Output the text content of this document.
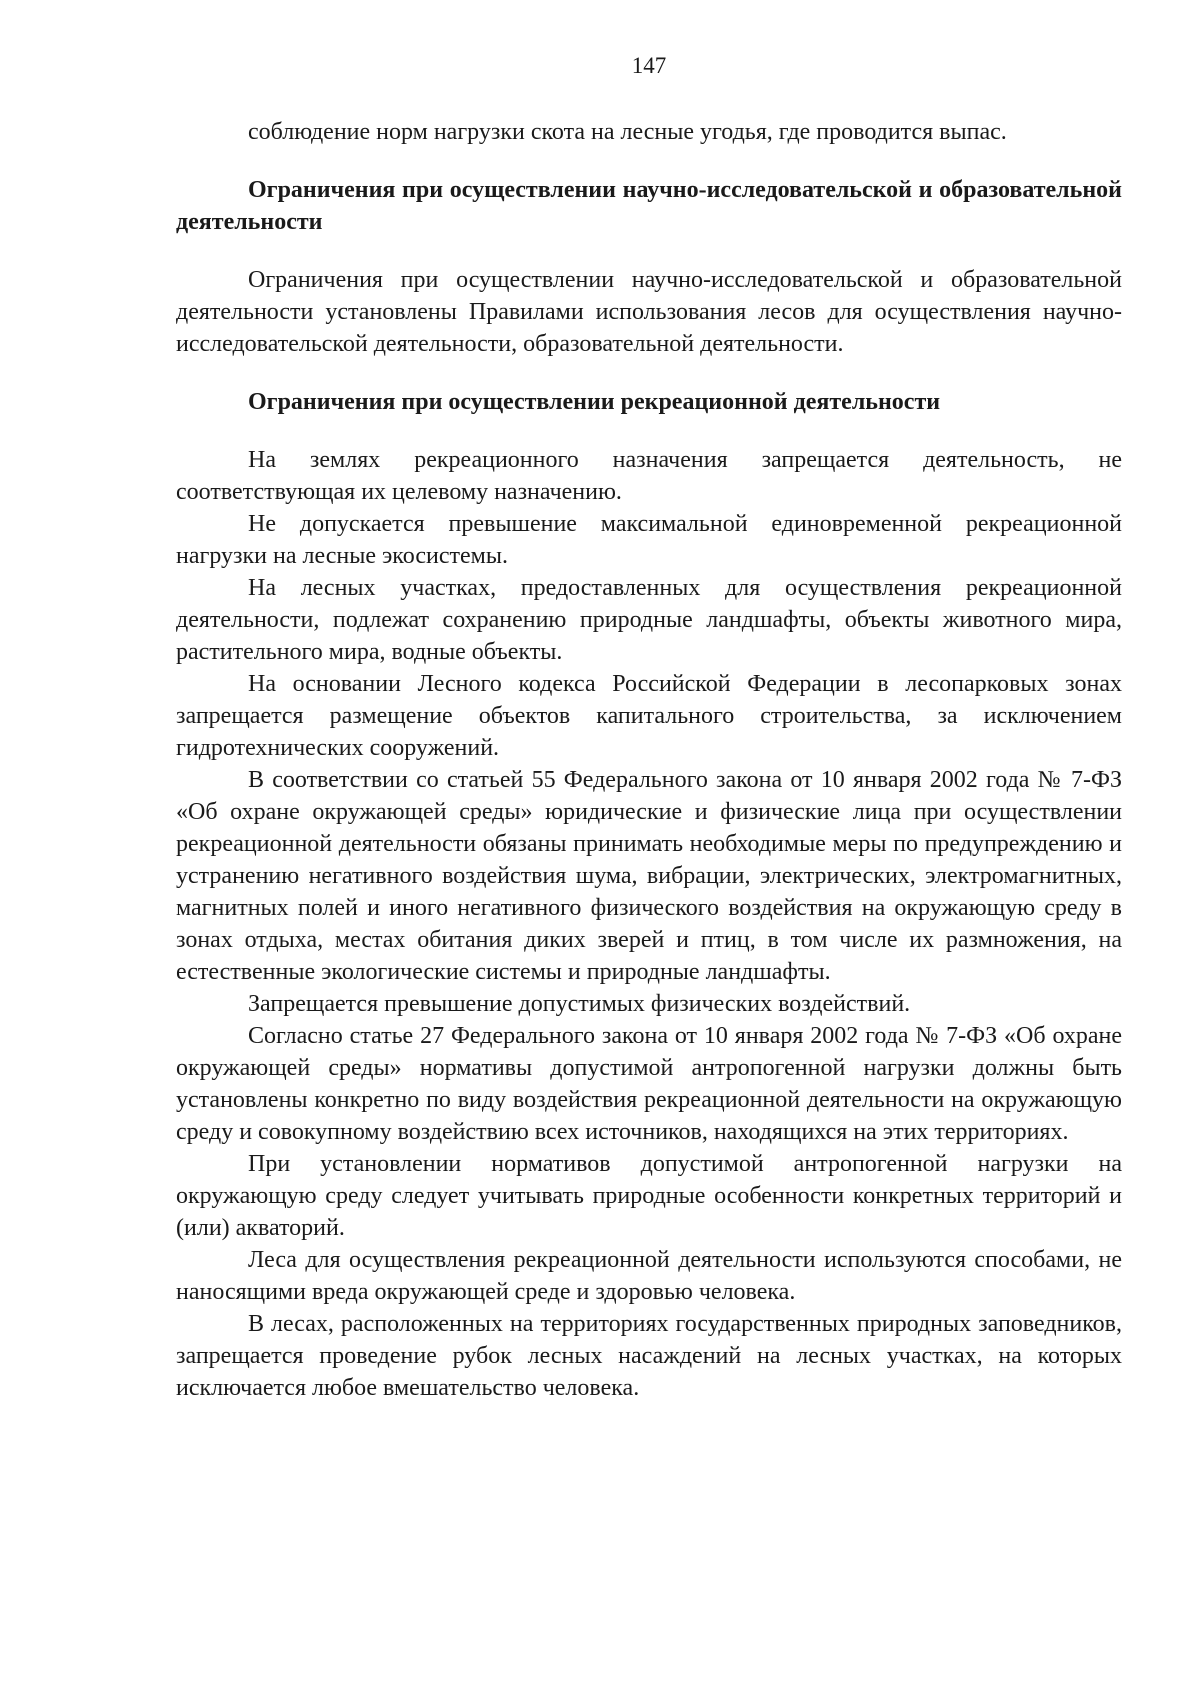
147

соблюдение норм нагрузки скота на лесные угодья, где проводится выпас.

Ограничения при осуществлении научно-исследовательской и образовательной деятельности

Ограничения при осуществлении научно-исследовательской и образовательной деятельности установлены Правилами использования лесов для осуществления научно-исследовательской деятельности, образовательной деятельности.

Ограничения при осуществлении рекреационной деятельности

На землях рекреационного назначения запрещается деятельность, не соответствующая их целевому назначению.

Не допускается превышение максимальной единовременной рекреационной нагрузки на лесные экосистемы.

На лесных участках, предоставленных для осуществления рекреационной деятельности, подлежат сохранению природные ландшафты, объекты животного мира, растительного мира, водные объекты.

На основании Лесного кодекса Российской Федерации в лесопарковых зонах запрещается размещение объектов капитального строительства, за исключением гидротехнических сооружений.

В соответствии со статьей 55 Федерального закона от 10 января 2002 года № 7-ФЗ «Об охране окружающей среды» юридические и физические лица при осуществлении рекреационной деятельности обязаны принимать необходимые меры по предупреждению и устранению негативного воздействия шума, вибрации, электрических, электромагнитных, магнитных полей и иного негативного физического воздействия на окружающую среду в зонах отдыха, местах обитания диких зверей и птиц, в том числе их размножения, на естественные экологические системы и природные ландшафты.

Запрещается превышение допустимых физических воздействий.

Согласно статье 27 Федерального закона от 10 января 2002 года № 7-ФЗ «Об охране окружающей среды» нормативы допустимой антропогенной нагрузки должны быть установлены конкретно по виду воздействия рекреационной деятельности на окружающую среду и совокупному воздействию всех источников, находящихся на этих территориях.

При установлении нормативов допустимой антропогенной нагрузки на окружающую среду следует учитывать природные особенности конкретных территорий и (или) акваторий.

Леса для осуществления рекреационной деятельности используются способами, не наносящими вреда окружающей среде и здоровью человека.

В лесах, расположенных на территориях государственных природных заповедников, запрещается проведение рубок лесных насаждений на лесных участках, на которых исключается любое вмешательство человека.
